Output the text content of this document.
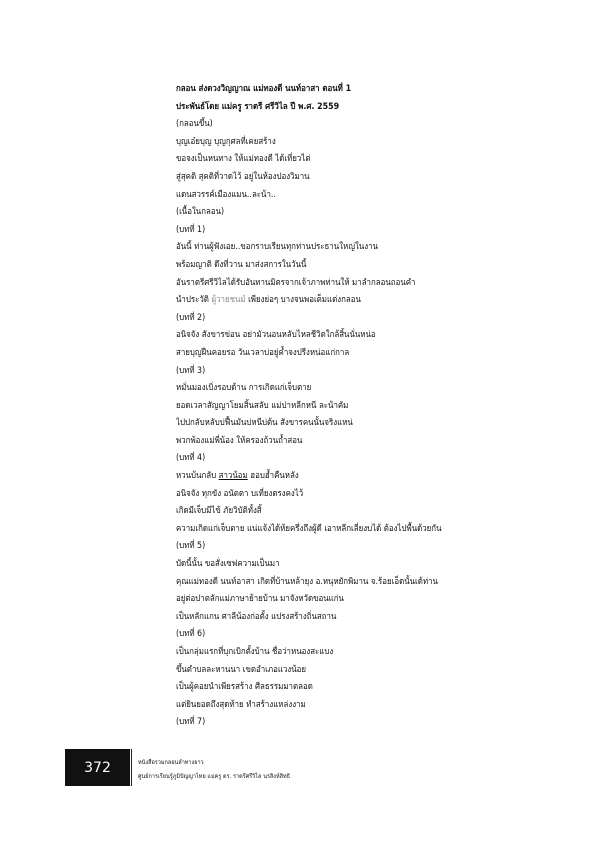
กลอน ส่งดวงวิญญาณ แม่ทองดี นนท์อาสา ตอนที่ 1
ประพันธ์โดย แม่ครู ราตรี ศรีวิไล ปี พ.ศ. 2559
(กลอนขึ้น)
บุญเอ๋ยบุญ บุญกุศลที่เคยสร้าง
ขอจงเป็นหนทาง ให้แม่ทองดี ได้เที่ยวไต่
สู่สุคติ สุคติที่วาดไว้ อยู่ในห้องปองวิมาน
แดนสวรรค์เมืองแมน..ละน้า..
(เนื้อในกลอน)
(บทที่ 1)
อันนี้ ท่านผู้ฟังเอย..ขอกราบเรียนทุกท่านประธานใหญ่ในงาน
พร้อมญาติ ดึงที่วาน มาส่งสการในวันนี้
อันราตรีศรีวิไลได้รับอันทานมิตรจากเจ้าภาพท่านให้ มาลำกลอนถอนคำ
นำประวัติ ผู้วายชนม์ เพียงย่อๆ บางจนพอเต็มแต่งกลอน
(บทที่ 2)
อนิจจัง สังขารข่อน อย่ามัวนอนหลับไหลชีวิตใกล้สิ้นนั่นหน่อ
สายบุญฝืนคอยรอ วันเวลาบ่อยู่ค้ำจงปรีงหน่อแก่กาล
(บทที่ 3)
หมั่นมองเบิ่งรอบด้าน การเกิดแก่เจ็บตาย
ยอดเวลาสัญญาโยมสิ้นสลับ แม่ปาหลีกหนี ละน้าคัม
ไปปกลับหลับบ่ฟื้นมันบ่หนีบ่ต้น สังขารคนนั้นจริงแหน่
พวกพ้องแม่พี่น้อง ให้ครองถ้วนถ้ำสอน
(บทที่ 4)
หวนบ้นกลับ สาวน้อม ฮอบฮ้ำคืนหลัง
อนิจจัง ทุกขัง อนัตตา บเที่ยงตรงคงไว้
เกิดมีเจ็บมีไข้ ภัยวิบัติทั้งสิ้
ความเกิดแก่เจ็บตาย แน่แจ้งได้ห้ยครึ่งถึงผู้ดี เอาหลีกเลี่ยงบได้ ต้องไปพื้นด้วยกัน
(บทที่ 5)
บัดนี้นั้น ขอสั่งเซฟความเป็นมา
คุณแม่ทองดี นนท์อาสา เกิดที่บ้านหล้ายุง อ.หนุหยักพิมาน จ.ร้อยเอ็ดนั้นเด้ท่าน
อยู่ต่อปาตลักแม่ภาษาย้ายบ้าน มาจังหวัดขอนแก่น
เป็นหลักแกน ศาลีน้องก่อตั้ง แปรงสร้างถิ่นสถาน
(บทที่ 6)
เป็นกลุ่มแรกที่บุกเบิกตั้งบ้าน ชื่อว่าหนองสะแบง
ขึ้นตำบลละหานนา เขตอำเภอแวงน้อย
เป็นผู้คอยนำเพียรสร้าง ศีลธรรมมาตลอด
แต่ยินยอดถึงสุดท้าย ทำสร้างแหล่งงาม
(บทที่ 7)
372	หนังสือรวมกลอนลำทางยาว
ศูนย์การเรียนรู้ภูมิปัญญาไทย แม่ครู ดร. ราตรีศรีวิไล นรสิงห์สิทธิ
